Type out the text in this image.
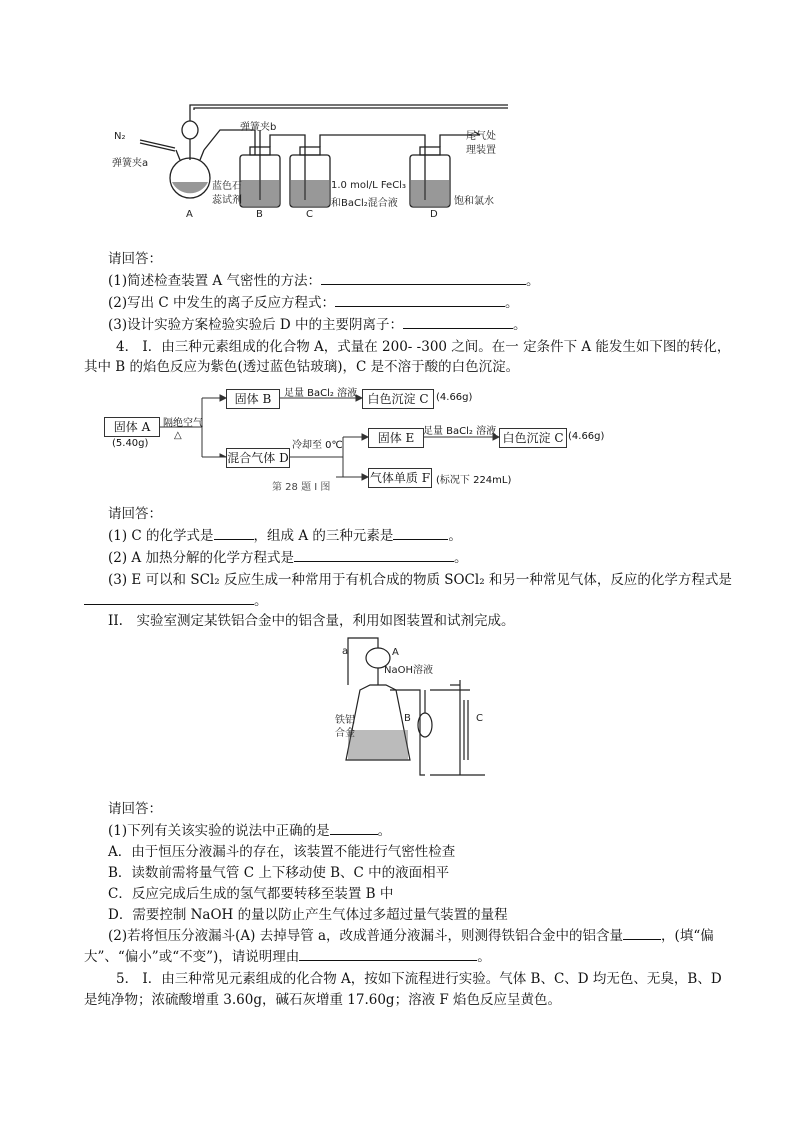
N₂
弹簧夹a
弹簧夹b
尾气处
理装置
蓝色石
蕊试剂
1.0 mol/L FeCl₃
和BaCl₂混合液	饱和氯水
A	B	C	D
请回答：
(1)简述检查装置 A 气密性的方法：	。
(2)写出 C 中发生的离子反应方程式：	。
(3)设计实验方案检验实验后 D 中的主要阴离子：	。
4． I．由三种元素组成的化合物 A，式量在 200- -300 之间。在一 定条件下 A 能发生如下图的转化，
其中 B 的焰色反应为紫色(透过蓝色钴玻璃)，C 是不溶于酸的白色沉淀。
固体 A
(5.40g)
隔绝空气
△
固体 B	足量 BaCl₂ 溶液 白色沉淀 C (4.66g)
混合气体 D
冷却至 0℃
固体 E 足量 BaCl₂ 溶液 白色沉淀 C (4.66g)
气体单质 F (标况下 224mL)
第 28 题 I 图
请回答：
(1) C 的化学式是	，组成 A 的三种元素是	。
(2) A 加热分解的化学方程式是	。
(3) E 可以和 SCl₂ 反应生成一种常用于有机合成的物质 SOCl₂ 和另一种常见气体，反应的化学方程式是
。
II.　实验室测定某铁铝合金中的铝含量，利用如图装置和试剂完成。
a	A
NaOH溶液
铁铝
合金
B	C
请回答：
(1)下列有关该实验的说法中正确的是	。
A．由于恒压分液漏斗的存在，该装置不能进行气密性检查
B．读数前需将量气管 C 上下移动使 B、C 中的液面相平
C．反应完成后生成的氢气都要转移至装置 B 中
D．需要控制 NaOH 的量以防止产生气体过多超过量气装置的量程
(2)若将恒压分液漏斗(A) 去掉导管 a，改成普通分液漏斗，则测得铁铝合金中的铝含量	，(填“偏
大”、“偏小”或“不变”)，请说明理由	。
5． I．由三种常见元素组成的化合物 A，按如下流程进行实验。气体 B、C、D 均无色、无臭，B、D
是纯净物；浓硫酸增重 3.60g，碱石灰增重 17.60g；溶液 F 焰色反应呈黄色。
